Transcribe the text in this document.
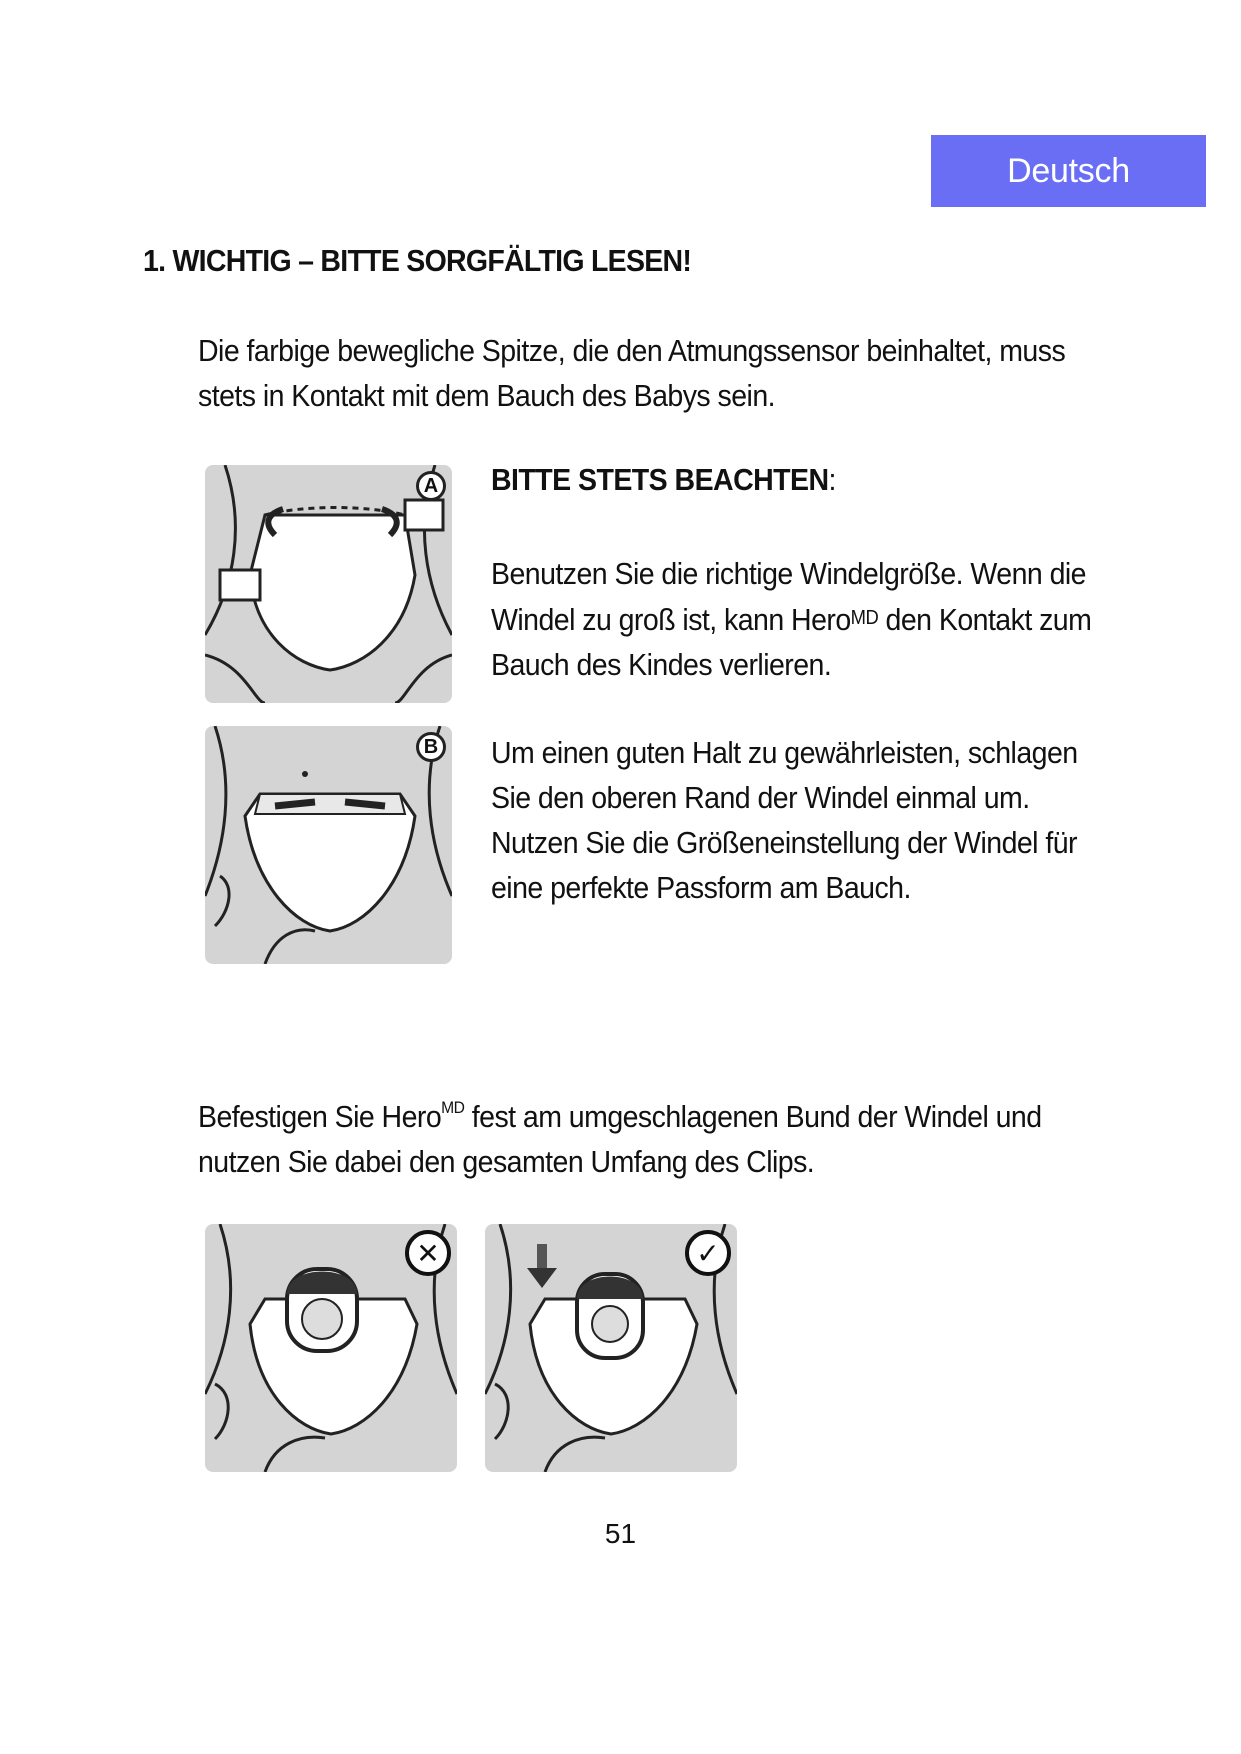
Deutsch
1. WICHTIG – BITTE SORGFÄLTIG LESEN!
Die farbige bewegliche Spitze, die den Atmungssensor beinhaltet, muss
stets in Kontakt mit dem Bauch des Babys sein.
A
B
BITTE STETS BEACHTEN:
Benutzen Sie die richtige Windelgröße. Wenn die
Windel zu groß ist, kann HeroMD den Kontakt zum
Bauch des Kindes verlieren.
Um einen guten Halt zu gewährleisten, schlagen
Sie den oberen Rand der Windel einmal um.
Nutzen Sie die Größeneinstellung der Windel für
eine perfekte Passform am Bauch.
Befestigen Sie Hero$^{MD}$ fest am umgeschlagenen Bund der Windel und
nutzen Sie dabei den gesamten Umfang des Clips.
✕	✓
51
